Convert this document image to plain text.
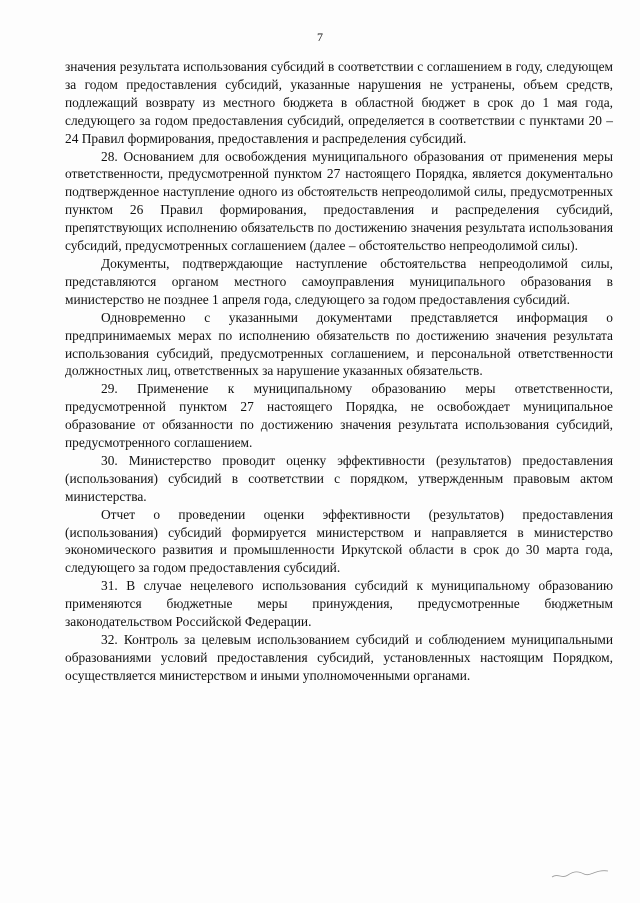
7

значения результата использования субсидий в соответствии с соглашением в году, следующем за годом предоставления субсидий, указанные нарушения не устранены, объем средств, подлежащий возврату из местного бюджета в областной бюджет в срок до 1 мая года, следующего за годом предоставления субсидий, определяется в соответствии с пунктами 20 – 24 Правил формирования, предоставления и распределения субсидий.

28. Основанием для освобождения муниципального образования от применения меры ответственности, предусмотренной пунктом 27 настоящего Порядка, является документально подтвержденное наступление одного из обстоятельств непреодолимой силы, предусмотренных пунктом 26 Правил формирования, предоставления и распределения субсидий, препятствующих исполнению обязательств по достижению значения результата использования субсидий, предусмотренных соглашением (далее – обстоятельство непреодолимой силы).

Документы, подтверждающие наступление обстоятельства непреодолимой силы, представляются органом местного самоуправления муниципального образования в министерство не позднее 1 апреля года, следующего за годом предоставления субсидий.

Одновременно с указанными документами представляется информация о предпринимаемых мерах по исполнению обязательств по достижению значения результата использования субсидий, предусмотренных соглашением, и персональной ответственности должностных лиц, ответственных за нарушение указанных обязательств.

29. Применение к муниципальному образованию меры ответственности, предусмотренной пунктом 27 настоящего Порядка, не освобождает муниципальное образование от обязанности по достижению значения результата использования субсидий, предусмотренного соглашением.

30. Министерство проводит оценку эффективности (результатов) предоставления (использования) субсидий в соответствии с порядком, утвержденным правовым актом министерства.

Отчет о проведении оценки эффективности (результатов) предоставления (использования) субсидий формируется министерством и направляется в министерство экономического развития и промышленности Иркутской области в срок до 30 марта года, следующего за годом предоставления субсидий.

31. В случае нецелевого использования субсидий к муниципальному образованию применяются бюджетные меры принуждения, предусмотренные бюджетным законодательством Российской Федерации.

32. Контроль за целевым использованием субсидий и соблюдением муниципальными образованиями условий предоставления субсидий, установленных настоящим Порядком, осуществляется министерством и иными уполномоченными органами.
